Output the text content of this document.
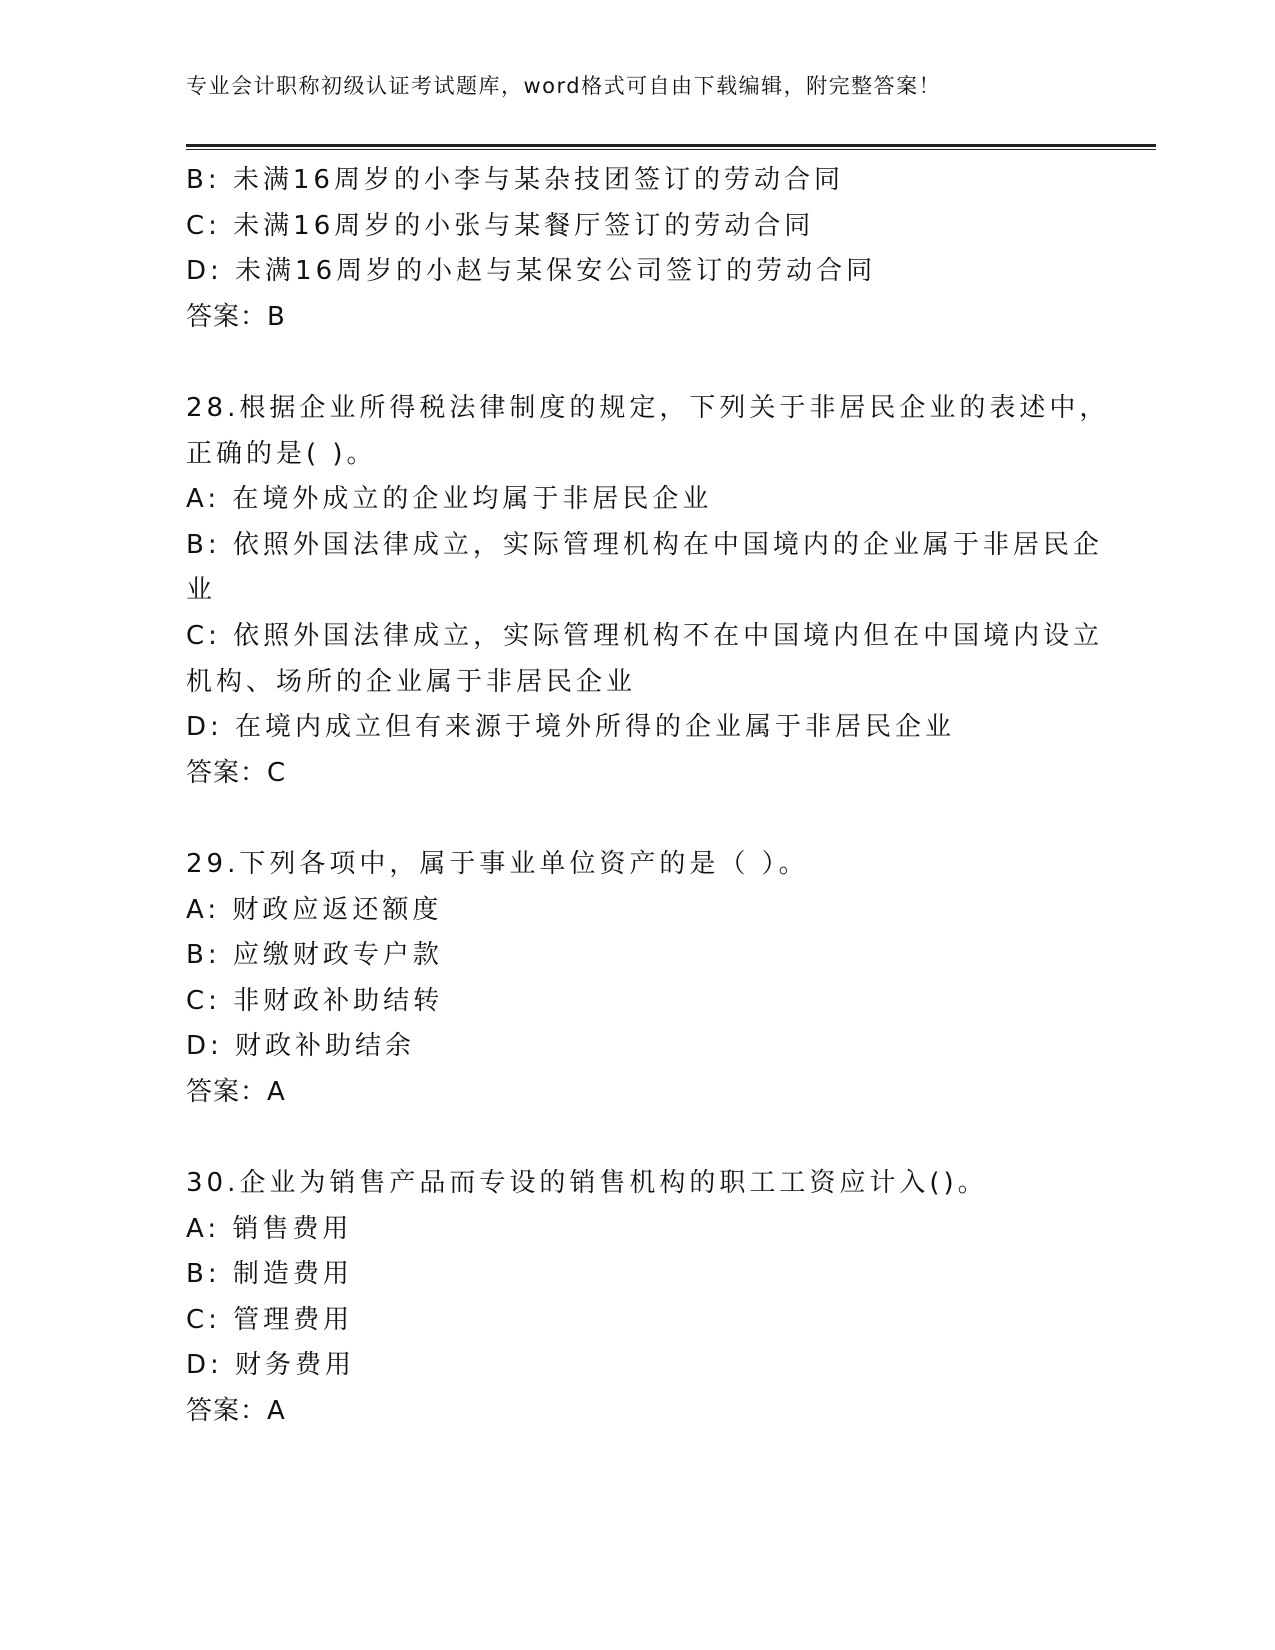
专业会计职称初级认证考试题库，word格式可自由下载编辑，附完整答案！
B: 未满16周岁的小李与某杂技团签订的劳动合同
C: 未满16周岁的小张与某餐厅签订的劳动合同
D: 未满16周岁的小赵与某保安公司签订的劳动合同
答案：B
28.根据企业所得税法律制度的规定，下列关于非居民企业的表述中，
正确的是( )。
A: 在境外成立的企业均属于非居民企业
B: 依照外国法律成立，实际管理机构在中国境内的企业属于非居民企
业
C: 依照外国法律成立，实际管理机构不在中国境内但在中国境内设立
机构、场所的企业属于非居民企业
D: 在境内成立但有来源于境外所得的企业属于非居民企业
答案：C
29.下列各项中，属于事业单位资产的是（ ）。
A: 财政应返还额度
B: 应缴财政专户款
C: 非财政补助结转
D: 财政补助结余
答案：A
30.企业为销售产品而专设的销售机构的职工工资应计入()。
A: 销售费用
B: 制造费用
C: 管理费用
D: 财务费用
答案：A
